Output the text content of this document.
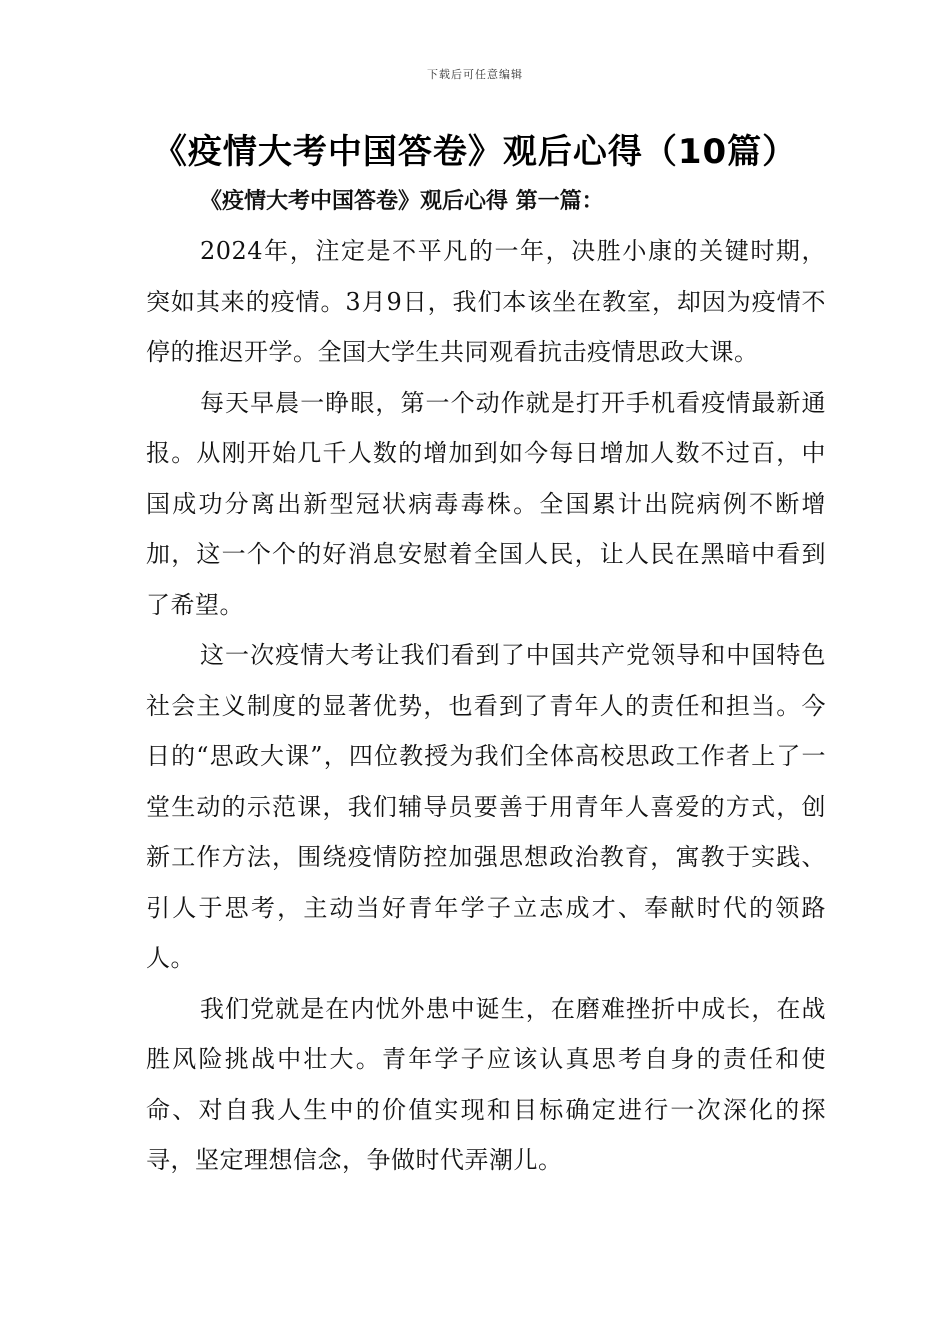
下载后可任意编辑
《疫情大考中国答卷》观后心得（10篇）
《疫情大考中国答卷》观后心得 第一篇：

2024年，注定是不平凡的一年，决胜小康的关键时期，突如其来的疫情。3月9日，我们本该坐在教室，却因为疫情不停的推迟开学。全国大学生共同观看抗击疫情思政大课。

每天早晨一睁眼，第一个动作就是打开手机看疫情最新通报。从刚开始几千人数的增加到如今每日增加人数不过百，中国成功分离出新型冠状病毒毒株。全国累计出院病例不断增加，这一个个的好消息安慰着全国人民，让人民在黑暗中看到了希望。

这一次疫情大考让我们看到了中国共产党领导和中国特色社会主义制度的显著优势，也看到了青年人的责任和担当。今日的“思政大课”，四位教授为我们全体高校思政工作者上了一堂生动的示范课，我们辅导员要善于用青年人喜爱的方式，创新工作方法，围绕疫情防控加强思想政治教育，寓教于实践、引人于思考，主动当好青年学子立志成才、奉献时代的领路人。

我们党就是在内忧外患中诞生，在磨难挫折中成长，在战胜风险挑战中壮大。青年学子应该认真思考自身的责任和使命、对自我人生中的价值实现和目标确定进行一次深化的探寻，坚定理想信念，争做时代弄潮儿。
